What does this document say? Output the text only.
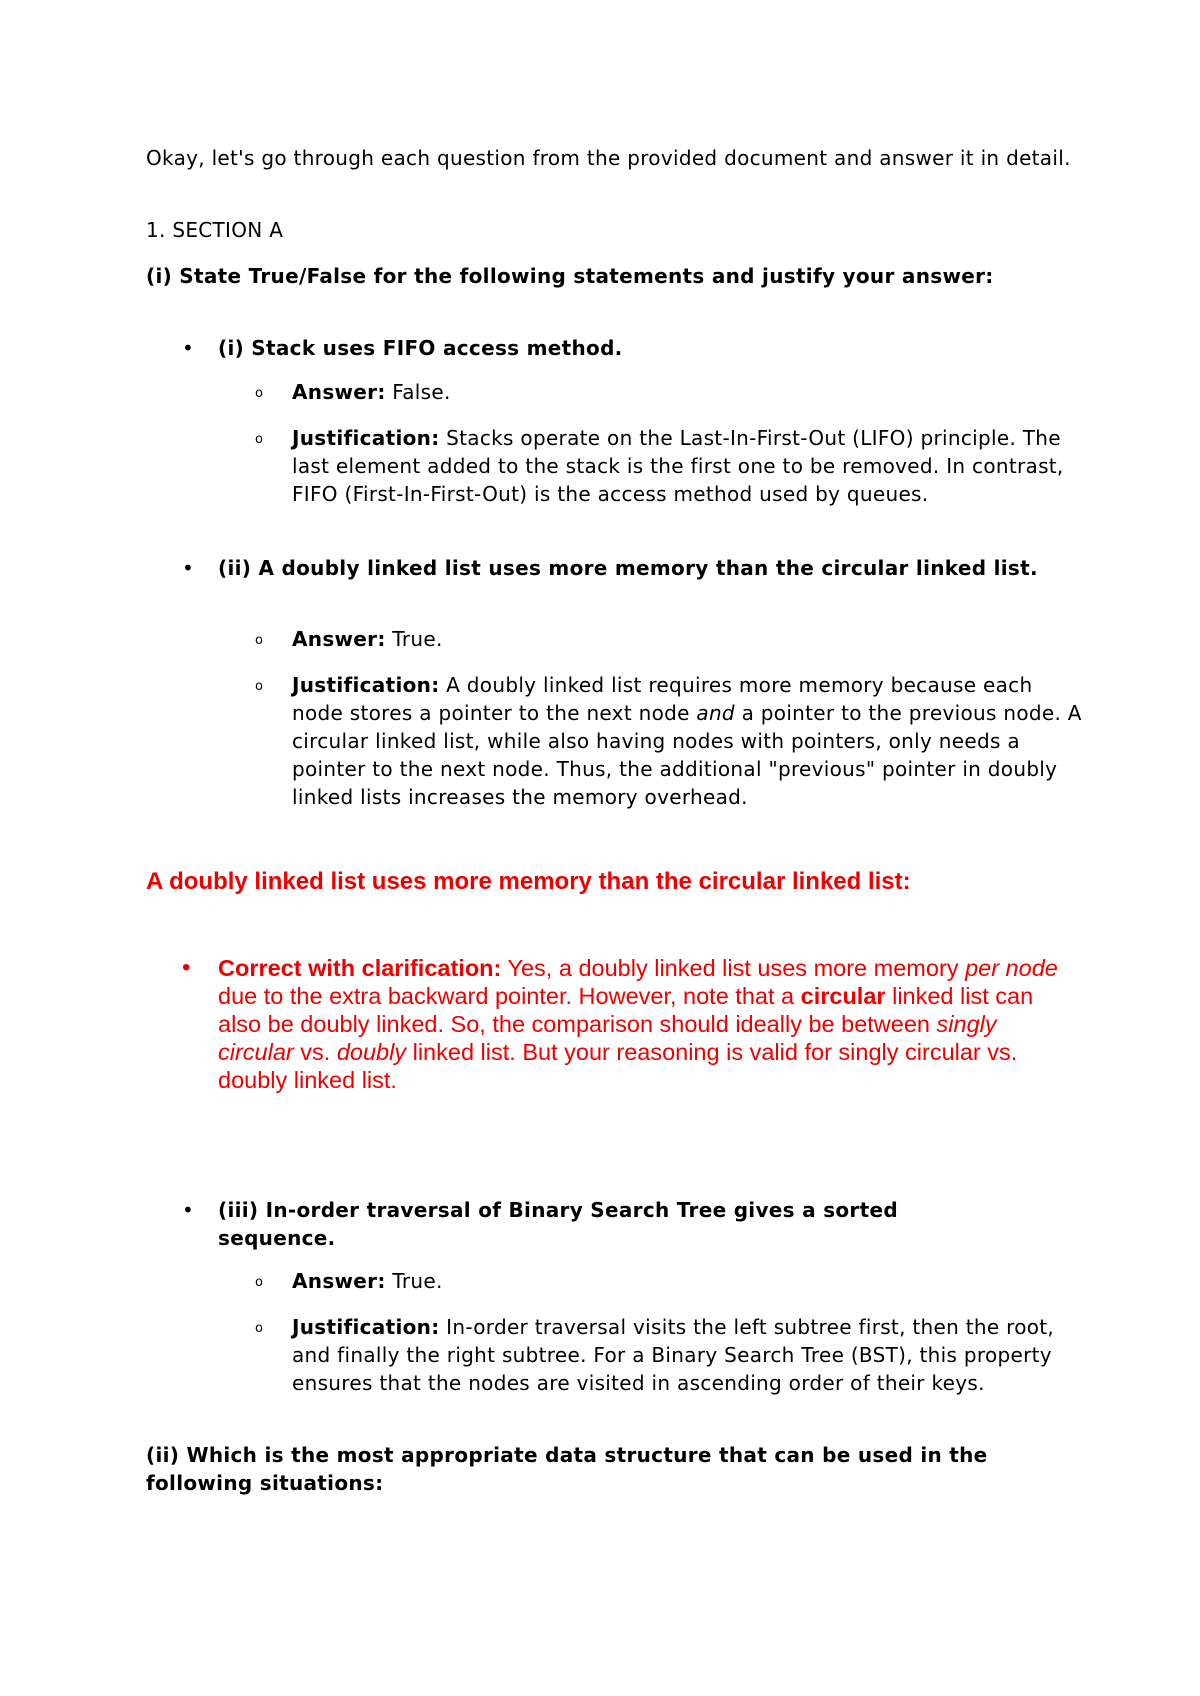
Okay, let's go through each question from the provided document and answer it in detail.

1. SECTION A

(i) State True/False for the following statements and justify your answer:

• (i) Stack uses FIFO access method.

o Answer: False.

o Justification: Stacks operate on the Last-In-First-Out (LIFO) principle. The last element added to the stack is the first one to be removed. In contrast, FIFO (First-In-First-Out) is the access method used by queues.

• (ii) A doubly linked list uses more memory than the circular linked list.

o Answer: True.

o Justification: A doubly linked list requires more memory because each node stores a pointer to the next node and a pointer to the previous node. A circular linked list, while also having nodes with pointers, only needs a pointer to the next node. Thus, the additional "previous" pointer in doubly linked lists increases the memory overhead.

A doubly linked list uses more memory than the circular linked list:

• Correct with clarification: Yes, a doubly linked list uses more memory per node due to the extra backward pointer. However, note that a circular linked list can also be doubly linked. So, the comparison should ideally be between singly circular vs. doubly linked list. But your reasoning is valid for singly circular vs. doubly linked list.

• (iii) In-order traversal of Binary Search Tree gives a sorted sequence.

o Answer: True.

o Justification: In-order traversal visits the left subtree first, then the root, and finally the right subtree. For a Binary Search Tree (BST), this property ensures that the nodes are visited in ascending order of their keys.

(ii) Which is the most appropriate data structure that can be used in the following situations:
